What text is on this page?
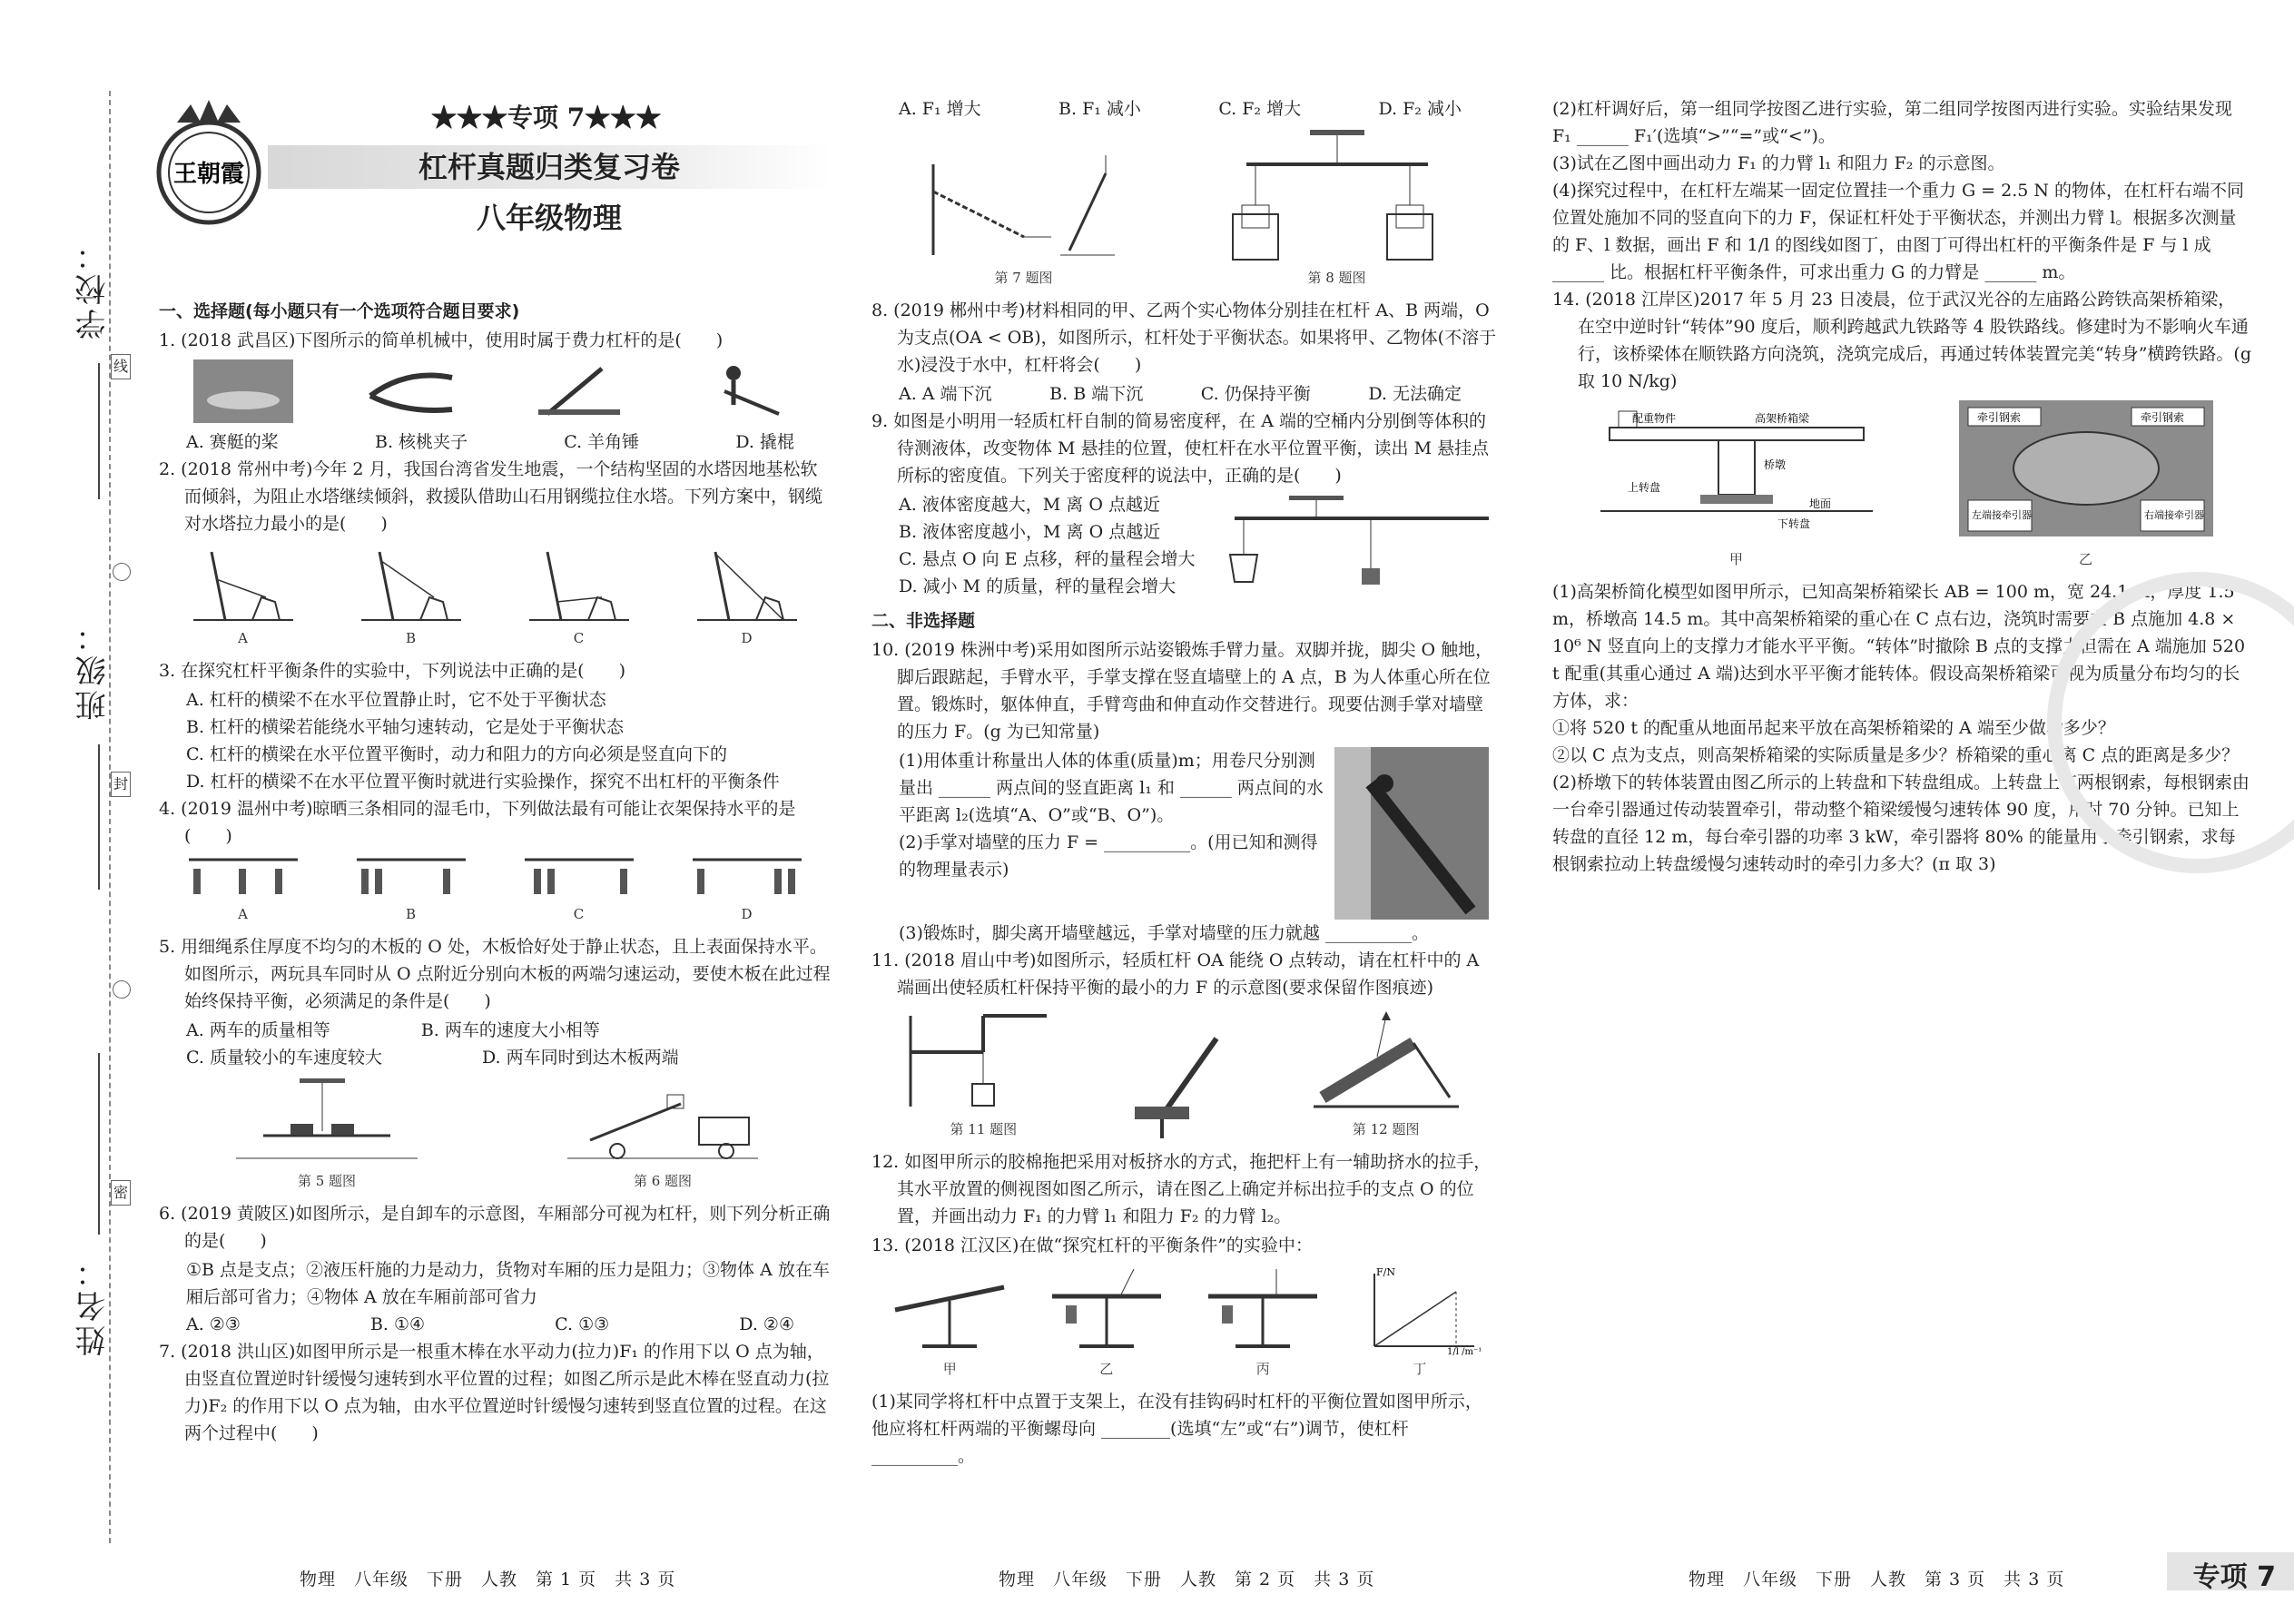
学校：
班级：
姓名：
线
封
密
王朝霞
★★★专项 7★★★
杠杆真题归类复习卷
八年级物理
一、选择题(每小题只有一个选项符合题目要求)
1. (2018 武昌区)下图所示的简单机械中，使用时属于费力杠杆的是(　　)
A. 赛艇的桨	B. 核桃夹子	C. 羊角锤	D. 撬棍
2. (2018 常州中考)今年 2 月，我国台湾省发生地震，一个结构坚固的水塔因地基松软而倾斜，为阻止水塔继续倾斜，救援队借助山石用钢缆拉住水塔。下列方案中，钢缆对水塔拉力最小的是(　　)
A	B	C	D
3. 在探究杠杆平衡条件的实验中，下列说法中正确的是(　　)
A. 杠杆的横梁不在水平位置静止时，它不处于平衡状态
B. 杠杆的横梁若能绕水平轴匀速转动，它是处于平衡状态
C. 杠杆的横梁在水平位置平衡时，动力和阻力的方向必须是竖直向下的
D. 杠杆的横梁不在水平位置平衡时就进行实验操作，探究不出杠杆的平衡条件
4. (2019 温州中考)晾晒三条相同的湿毛巾，下列做法最有可能让衣架保持水平的是(　　)
A	B	C	D
5. 用细绳系住厚度不均匀的木板的 O 处，木板恰好处于静止状态，且上表面保持水平。如图所示，两玩具车同时从 O 点附近分别向木板的两端匀速运动，要使木板在此过程始终保持平衡，必须满足的条件是(　　)
A. 两车的质量相等	B. 两车的速度大小相等
C. 质量较小的车速度较大	D. 两车同时到达木板两端
第 5 题图	第 6 题图
6. (2019 黄陂区)如图所示，是自卸车的示意图，车厢部分可视为杠杆，则下列分析正确的是(　　)
①B 点是支点；②液压杆施的力是动力，货物对车厢的压力是阻力；③物体 A 放在车厢后部可省力；④物体 A 放在车厢前部可省力
A. ②③	B. ①④	C. ①③	D. ②④
7. (2018 洪山区)如图甲所示是一根重木棒在水平动力(拉力)F₁ 的作用下以 O 点为轴，由竖直位置逆时针缓慢匀速转到水平位置的过程；如图乙所示是此木棒在竖直动力(拉力)F₂ 的作用下以 O 点为轴，由水平位置逆时针缓慢匀速转到竖直位置的过程。在这两个过程中(　　)
A. F₁ 增大	B. F₁ 减小	C. F₂ 增大	D. F₂ 减小
第 7 题图	第 8 题图
8. (2019 郴州中考)材料相同的甲、乙两个实心物体分别挂在杠杆 A、B 两端，O 为支点(OA < OB)，如图所示，杠杆处于平衡状态。如果将甲、乙物体(不溶于水)浸没于水中，杠杆将会(　　)
A. A 端下沉	B. B 端下沉	C. 仍保持平衡	D. 无法确定
9. 如图是小明用一轻质杠杆自制的简易密度秤，在 A 端的空桶内分别倒等体积的待测液体，改变物体 M 悬挂的位置，使杠杆在水平位置平衡，读出 M 悬挂点所标的密度值。下列关于密度秤的说法中，正确的是(　　)
A. 液体密度越大，M 离 O 点越近
B. 液体密度越小，M 离 O 点越近
C. 悬点 O 向 E 点移，秤的量程会增大
D. 减小 M 的质量，秤的量程会增大
二、非选择题
10. (2019 株洲中考)采用如图所示站姿锻炼手臂力量。双脚并拢，脚尖 O 触地，脚后跟踮起，手臂水平，手掌支撑在竖直墙壁上的 A 点，B 为人体重心所在位置。锻炼时，躯体伸直，手臂弯曲和伸直动作交替进行。现要估测手掌对墙壁的压力 F。(g 为已知常量)
(1)用体重计称量出人体的体重(质量)m；用卷尺分别测量出 ______ 两点间的竖直距离 l₁ 和 ______ 两点间的水平距离 l₂(选填“A、O”或“B、O”)。
(2)手掌对墙壁的压力 F = __________。(用已知和测得的物理量表示)
(3)锻炼时，脚尖离开墙壁越远，手掌对墙壁的压力就越 __________。
11. (2018 眉山中考)如图所示，轻质杠杆 OA 能绕 O 点转动，请在杠杆中的 A 端画出使轻质杠杆保持平衡的最小的力 F 的示意图(要求保留作图痕迹)
第 11 题图	第 12 题图
12. 如图甲所示的胶棉拖把采用对板挤水的方式，拖把杆上有一辅助挤水的拉手，其水平放置的侧视图如图乙所示，请在图乙上确定并标出拉手的支点 O 的位置，并画出动力 F₁ 的力臂 l₁ 和阻力 F₂ 的力臂 l₂。
13. (2018 江汉区)在做“探究杠杆的平衡条件”的实验中：
甲	乙	丙
F/N
1/l /m⁻¹
丁
(1)某同学将杠杆中点置于支架上，在没有挂钩码时杠杆的平衡位置如图甲所示，他应将杠杆两端的平衡螺母向 ________(选填“左”或“右”)调节，使杠杆 __________。
(2)杠杆调好后，第一组同学按图乙进行实验，第二组同学按图丙进行实验。实验结果发现 F₁ ______ F₁′(选填“>”“=”或“<”)。
(3)试在乙图中画出动力 F₁ 的力臂 l₁ 和阻力 F₂ 的示意图。
(4)探究过程中，在杠杆左端某一固定位置挂一个重力 G = 2.5 N 的物体，在杠杆右端不同位置处施加不同的竖直向下的力 F，保证杠杆处于平衡状态，并测出力臂 l。根据多次测量的 F、l 数据，画出 F 和 1/l 的图线如图丁，由图丁可得出杠杆的平衡条件是 F 与 l 成 ______ 比。根据杠杆平衡条件，可求出重力 G 的力臂是 ______ m。
14. (2018 江岸区)2017 年 5 月 23 日凌晨，位于武汉光谷的左庙路公跨铁高架桥箱梁，在空中逆时针“转体”90 度后，顺利跨越武九铁路等 4 股铁路线。修建时为不影响火车通行，该桥梁体在顺铁路方向浇筑，浇筑完成后，再通过转体装置完美“转身”横跨铁路。(g 取 10 N/kg)
配重物件	高架桥箱梁
上转盘
桥墩
地面
下转盘
甲
牵引钢索	牵引钢索
左端接牵引器	右端接牵引器
乙
(1)高架桥简化模型如图甲所示，已知高架桥箱梁长 AB = 100 m，宽 24.1 m，厚度 1.5 m，桥墩高 14.5 m。其中高架桥箱梁的重心在 C 点右边，浇筑时需要在 B 点施加 4.8 × 10⁶ N 竖直向上的支撑力才能水平平衡。“转体”时撤除 B 点的支撑力但需在 A 端施加 520 t 配重(其重心通过 A 端)达到水平平衡才能转体。假设高架桥箱梁可视为质量分布均匀的长方体，求：
①将 520 t 的配重从地面吊起来平放在高架桥箱梁的 A 端至少做功多少？
②以 C 点为支点，则高架桥箱梁的实际质量是多少？桥箱梁的重心离 C 点的距离是多少？
(2)桥墩下的转体装置由图乙所示的上转盘和下转盘组成。上转盘上有两根钢索，每根钢索由一台牵引器通过传动装置牵引，带动整个箱梁缓慢匀速转体 90 度，用时 70 分钟。已知上转盘的直径 12 m，每台牵引器的功率 3 kW，牵引器将 80% 的能量用于牵引钢索，求每根钢索拉动上转盘缓慢匀速转动时的牵引力多大？(π 取 3)
物理　八年级　下册　人教　第 1 页　共 3 页	物理　八年级　下册　人教　第 2 页　共 3 页	物理　八年级　下册　人教　第 3 页　共 3 页	专项 7
